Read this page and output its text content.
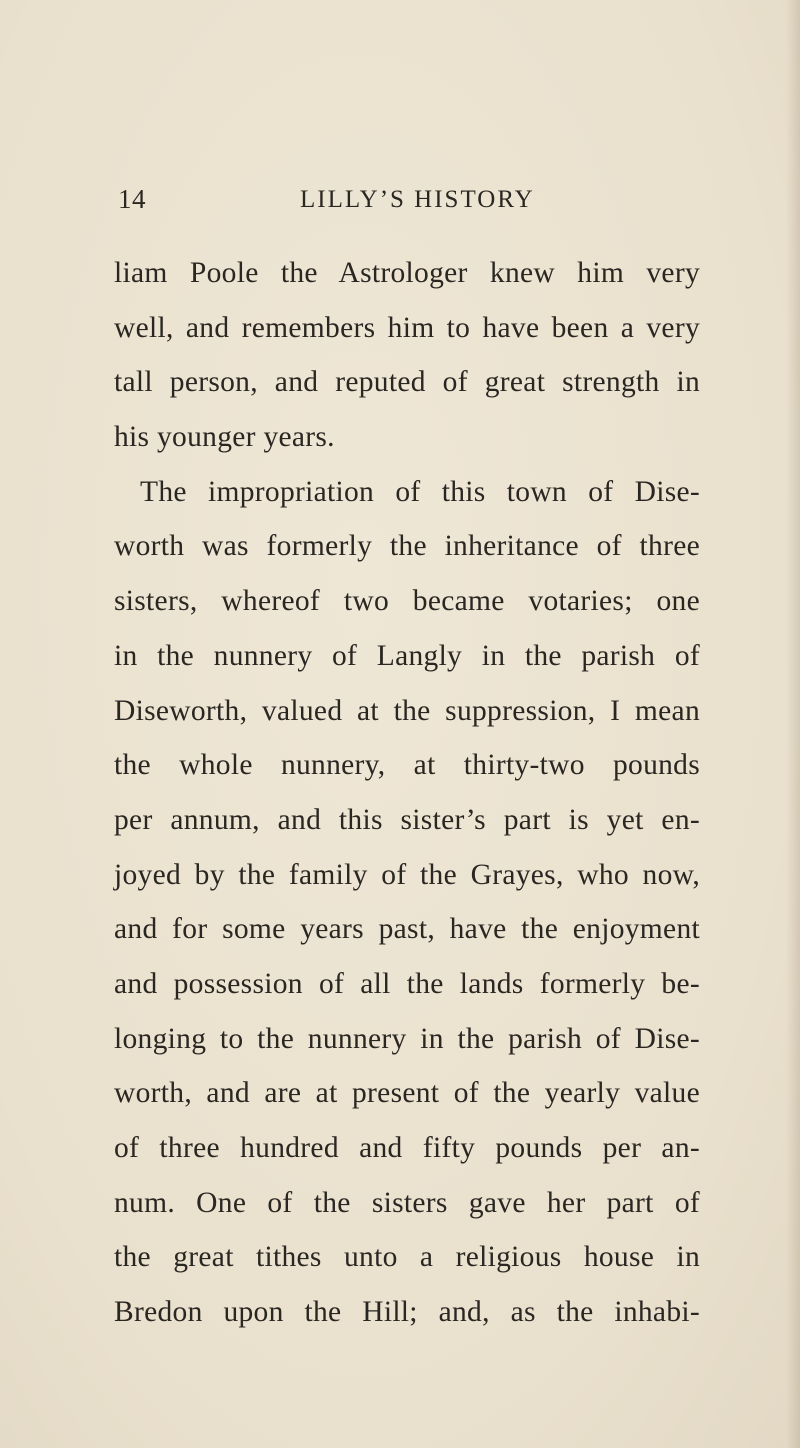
14	LILLY’S HISTORY
liam Poole the Astrologer knew him very
well, and remembers him to have been a very
tall person, and reputed of great strength in
his younger years.
The impropriation of this town of Dise-
worth was formerly the inheritance of three
sisters, whereof two became votaries; one
in the nunnery of Langly in the parish of
Diseworth, valued at the suppression, I mean
the whole nunnery, at thirty-two pounds
per annum, and this sister’s part is yet en-
joyed by the family of the Grayes, who now,
and for some years past, have the enjoyment
and possession of all the lands formerly be-
longing to the nunnery in the parish of Dise-
worth, and are at present of the yearly value
of three hundred and fifty pounds per an-
num. One of the sisters gave her part of
the great tithes unto a religious house in
Bredon upon the Hill; and, as the inhabi-
